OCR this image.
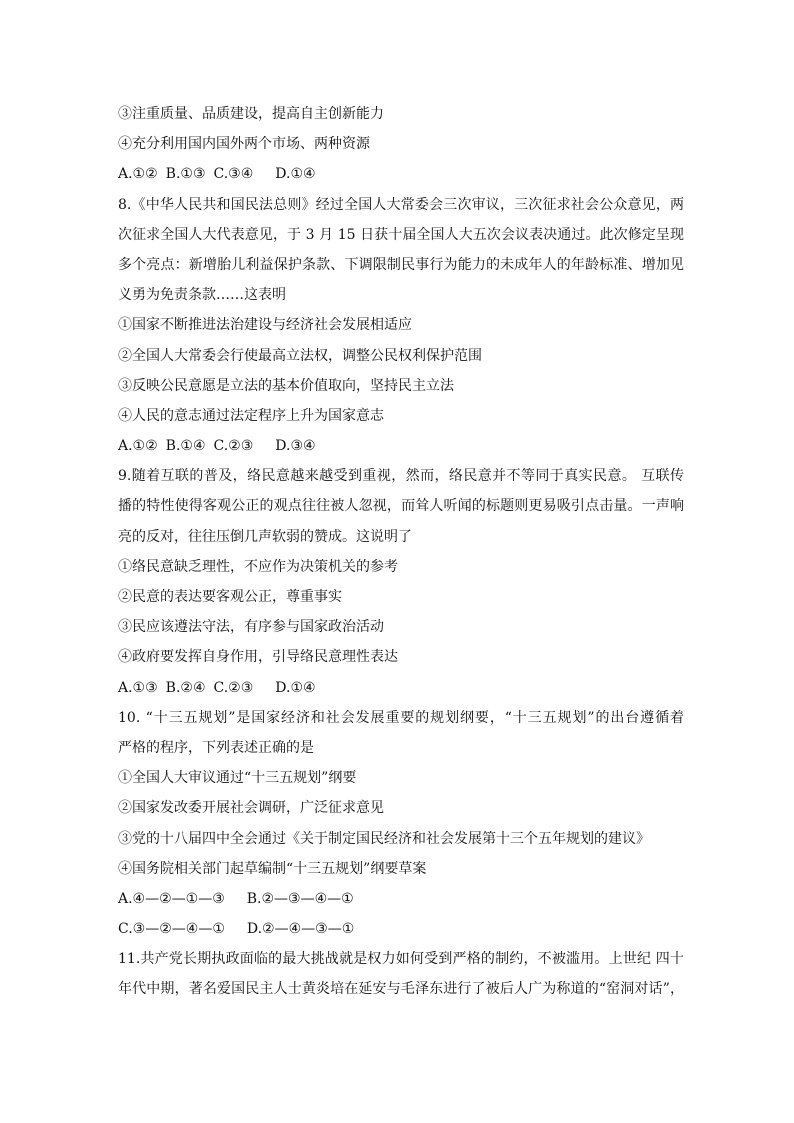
③注重质量、品质建设，提高自主创新能力
④充分利用国内国外两个市场、两种资源
A.①② B.①③ C.③④ D.①④
8.《中华人民共和国民法总则》经过全国人大常委会三次审议，三次征求社会公众意见，两
次征求全国人大代表意见，于 3 月 15 日获十届全国人大五次会议表决通过。此次修定呈现
多个亮点：新增胎儿利益保护条款、下调限制民事行为能力的未成年人的年龄标准、增加见
义勇为免责条款……这表明
①国家不断推进法治建设与经济社会发展相适应
②全国人大常委会行使最高立法权，调整公民权利保护范围
③反映公民意愿是立法的基本价值取向，坚持民主立法
④人民的意志通过法定程序上升为国家意志
A.①② B.①④ C.②③ D.③④
9.随着互联的普及，络民意越来越受到重视，然而，络民意并不等同于真实民意。 互联传
播的特性使得客观公正的观点往往被人忽视，而耸人听闻的标题则更易吸引点击量。一声响
亮的反对，往往压倒几声软弱的赞成。这说明了
①络民意缺乏理性，不应作为决策机关的参考
②民意的表达要客观公正，尊重事实
③民应该遵法守法，有序参与国家政治活动
④政府要发挥自身作用，引导络民意理性表达
A.①③ B.②④ C.②③ D.①④
10. “十三五规划”是国家经济和社会发展重要的规划纲要，“十三五规划”的出台遵循着
严格的程序，下列表述正确的是
①全国人大审议通过“十三五规划”纲要
②国家发改委开展社会调研，广泛征求意见
③党的十八届四中全会通过《关于制定国民经济和社会发展第十三个五年规划的建议》
④国务院相关部门起草编制“十三五规划”纲要草案
A.④—②—①—③ B.②—③—④—①
C.③—②—④—① D.②—④—③—①
11.共产党长期执政面临的最大挑战就是权力如何受到严格的制约，不被滥用。上世纪 四十
年代中期，著名爱国民主人士黄炎培在延安与毛泽东进行了被后人广为称道的“窑洞对话”，
